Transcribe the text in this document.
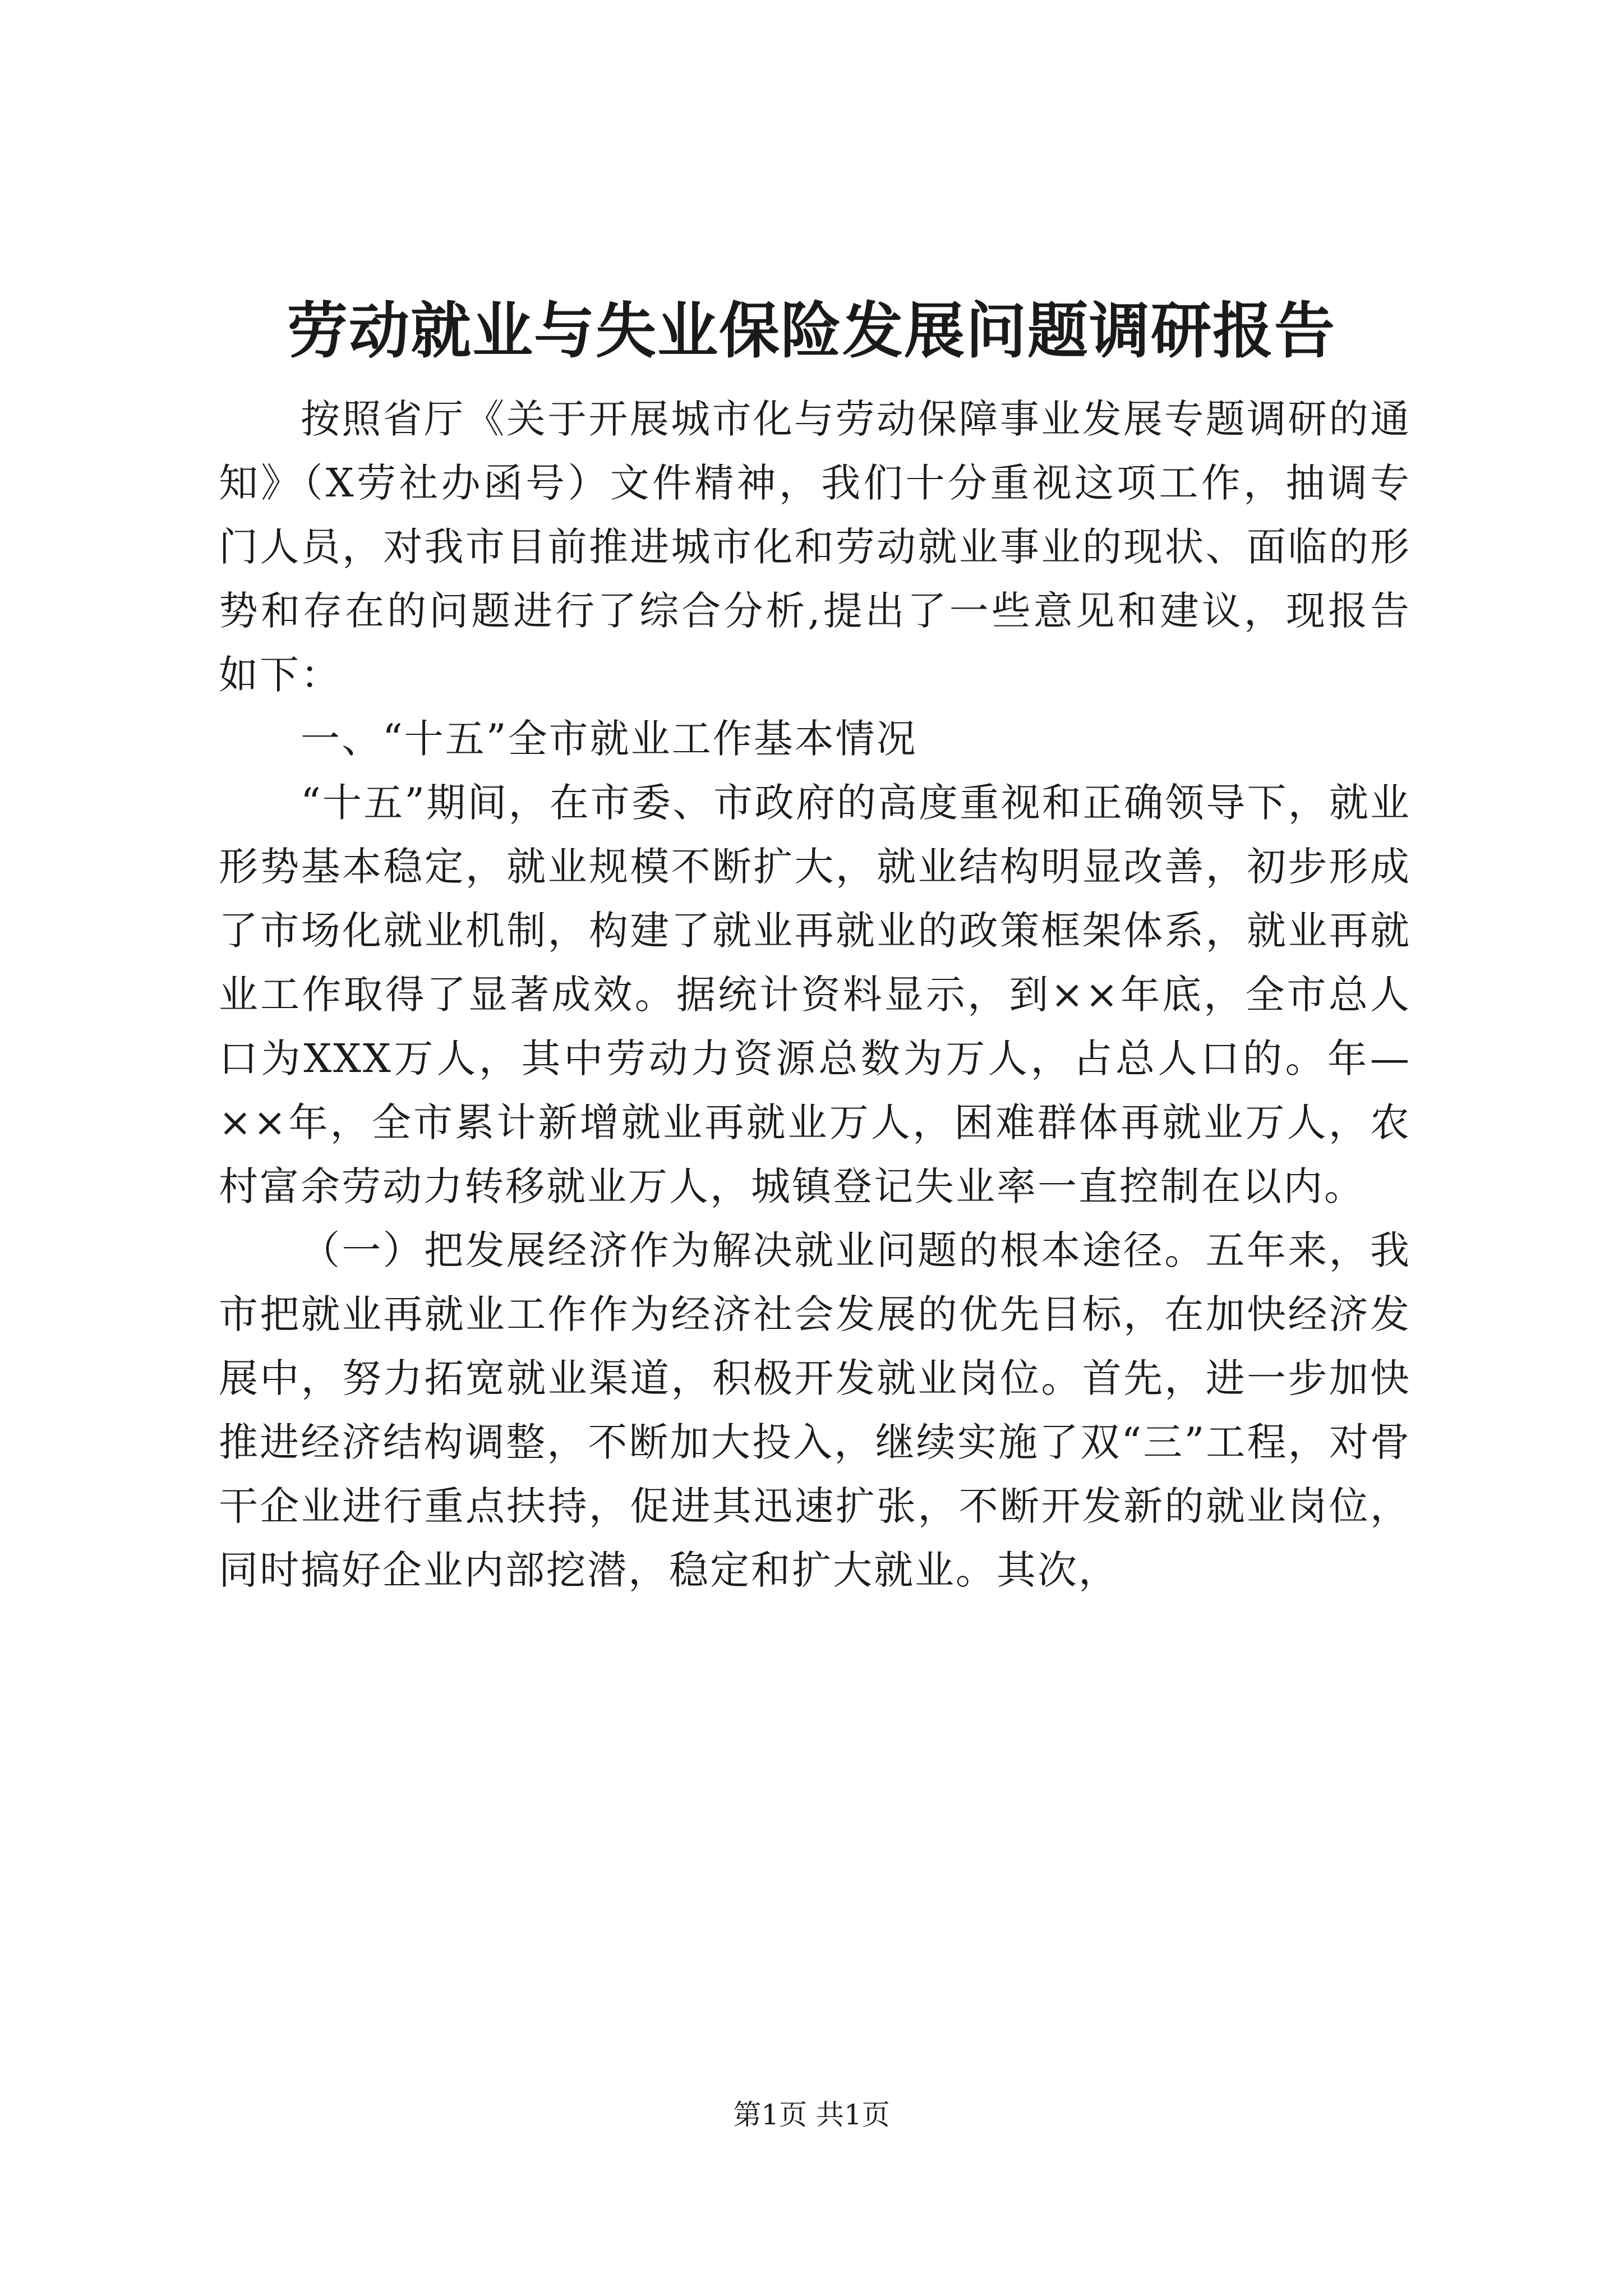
劳动就业与失业保险发展问题调研报告

按照省厅《关于开展城市化与劳动保障事业发展专题调研的通知》（X劳社办函号）文件精神，我们十分重视这项工作，抽调专门人员，对我市目前推进城市化和劳动就业事业的现状、面临的形势和存在的问题进行了综合分析,提出了一些意见和建议，现报告如下：

一、“十五”全市就业工作基本情况

“十五”期间，在市委、市政府的高度重视和正确领导下，就业形势基本稳定，就业规模不断扩大，就业结构明显改善，初步形成了市场化就业机制，构建了就业再就业的政策框架体系，就业再就业工作取得了显著成效。据统计资料显示，到××年底，全市总人口为XXX万人，其中劳动力资源总数为万人，占总人口的。年—××年，全市累计新增就业再就业万人，困难群体再就业万人，农村富余劳动力转移就业万人，城镇登记失业率一直控制在以内。

（一）把发展经济作为解决就业问题的根本途径。五年来，我市把就业再就业工作作为经济社会发展的优先目标，在加快经济发展中，努力拓宽就业渠道，积极开发就业岗位。首先，进一步加快推进经济结构调整，不断加大投入，继续实施了双“三”工程，对骨干企业进行重点扶持，促进其迅速扩张，不断开发新的就业岗位，同时搞好企业内部挖潜，稳定和扩大就业。其次，

第1页 共1页
